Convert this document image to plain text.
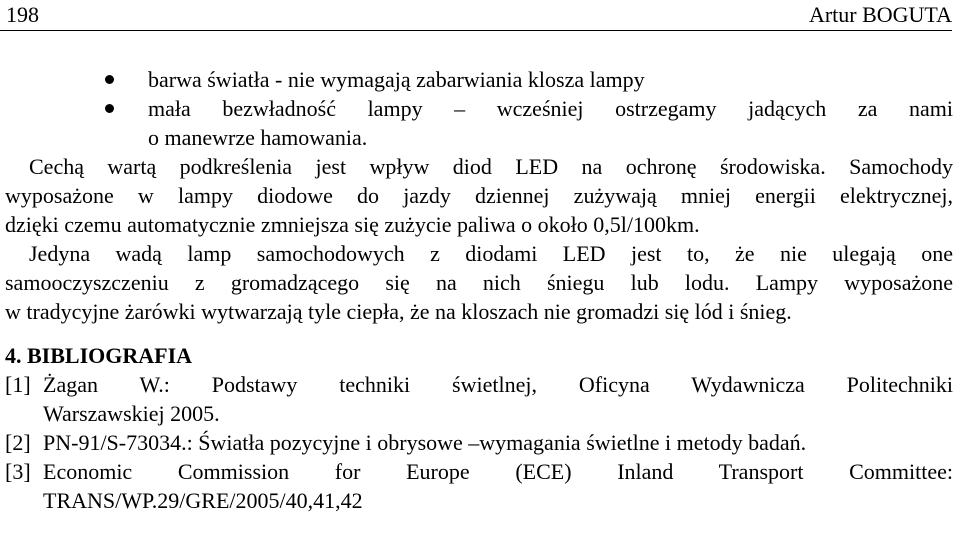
198	Artur BOGUTA
barwa światła - nie wymagają zabarwiania klosza lampy
mała bezwładność lampy – wcześniej ostrzegamy jadących za nami
o manewrze hamowania.
Cechą wartą podkreślenia jest wpływ diod LED na ochronę środowiska. Samochody
wyposażone w lampy diodowe do jazdy dziennej zużywają mniej energii elektrycznej,
dzięki czemu automatycznie zmniejsza się zużycie paliwa o około 0,5l/100km.
Jedyna wadą lamp samochodowych z diodami LED jest to, że nie ulegają one
samooczyszczeniu z gromadzącego się na nich śniegu lub lodu. Lampy wyposażone
w tradycyjne żarówki wytwarzają tyle ciepła, że na kloszach nie gromadzi się lód i śnieg.
4. BIBLIOGRAFIA
[1] Żagan W.: Podstawy techniki świetlnej, Oficyna Wydawnicza Politechniki
Warszawskiej 2005.
[2] PN-91/S-73034.: Światła pozycyjne i obrysowe –wymagania świetlne i metody badań.
[3] Economic Commission for Europe (ECE) Inland Transport Committee:
TRANS/WP.29/GRE/2005/40,41,42
